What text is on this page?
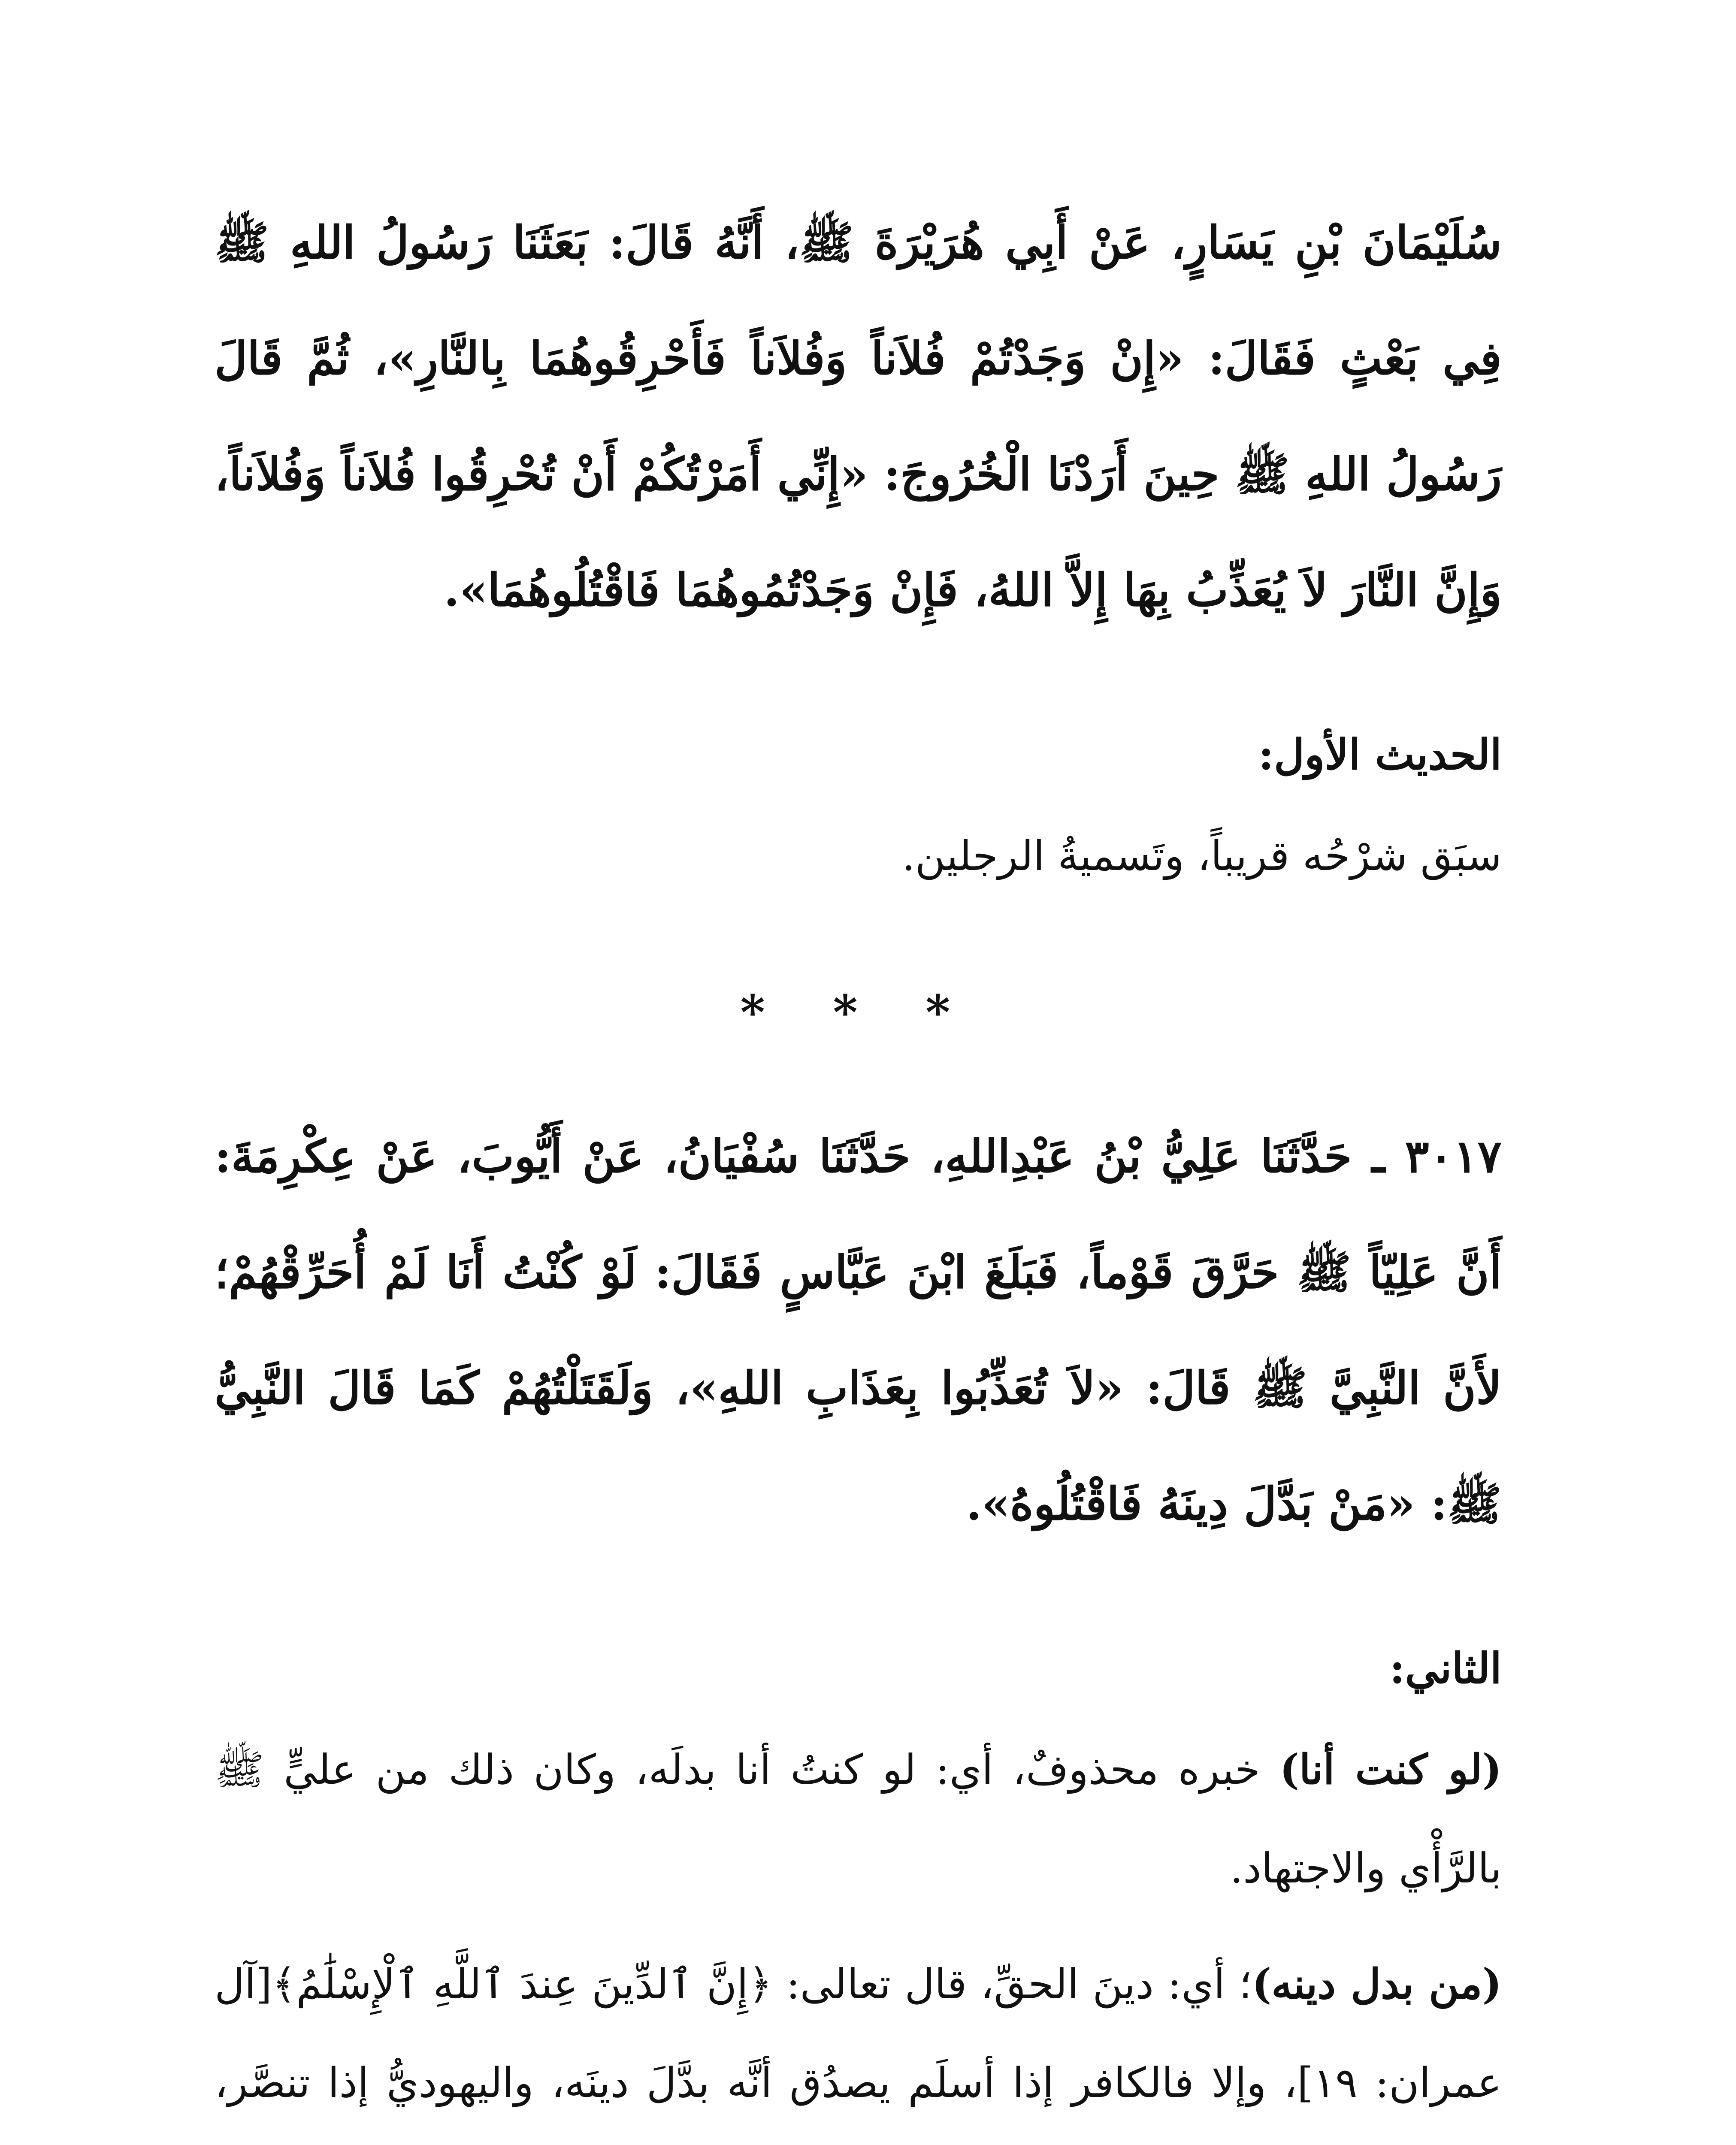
سُلَيْمَانَ بْنِ يَسَارٍ، عَنْ أَبِي هُرَيْرَةَ ﷺ، أَنَّهُ قَالَ: بَعَثَنَا رَسُولُ اللهِ ﷺ فِي بَعْثٍ فَقَالَ: «إِنْ وَجَدْتُمْ فُلاَناً وَفُلاَناً فَأَحْرِقُوهُمَا بِالنَّارِ»، ثُمَّ قَالَ رَسُولُ اللهِ ﷺ حِينَ أَرَدْنَا الْخُرُوجَ: «إِنِّي أَمَرْتُكُمْ أَنْ تُحْرِقُوا فُلاَناً وَفُلاَناً، وَإِنَّ النَّارَ لاَ يُعَذِّبُ بِهَا إِلاَّ اللهُ، فَإِنْ وَجَدْتُمُوهُمَا فَاقْتُلُوهُمَا».

الحديث الأول:

سبَق شرْحُه قريباً، وتَسميةُ الرجلين.

* * *

٣٠١٧ ـ حَدَّثَنَا عَلِيُّ بْنُ عَبْدِاللهِ، حَدَّثَنَا سُفْيَانُ، عَنْ أَيُّوبَ، عَنْ عِكْرِمَةَ: أَنَّ عَلِيّاً ﷺ حَرَّقَ قَوْماً، فَبَلَغَ ابْنَ عَبَّاسٍ فَقَالَ: لَوْ كُنْتُ أَنَا لَمْ أُحَرِّقْهُمْ؛ لأَنَّ النَّبِيَّ ﷺ قَالَ: «لاَ تُعَذِّبُوا بِعَذَابِ اللهِ»، وَلَقَتَلْتُهُمْ كَمَا قَالَ النَّبِيُّ ﷺ: «مَنْ بَدَّلَ دِينَهُ فَاقْتُلُوهُ».

الثاني:

(لو كنت أنا) خبره محذوفٌ، أي: لو كنتُ أنا بدلَه، وكان ذلك من عليٍّ ﷺ بالرَّأْي والاجتهاد.

(من بدل دينه)؛ أي: دينَ الحقِّ، قال تعالى: ﴿إِنَّ ٱلدِّينَ عِندَ ٱللَّهِ ٱلْإِسْلَٰمُ﴾[آل عمران: ١٩]، وإلا فالكافر إذا أسلَم يصدُق أنَّه بدَّلَ دينَه، واليهوديُّ إذا تنصَّر،
